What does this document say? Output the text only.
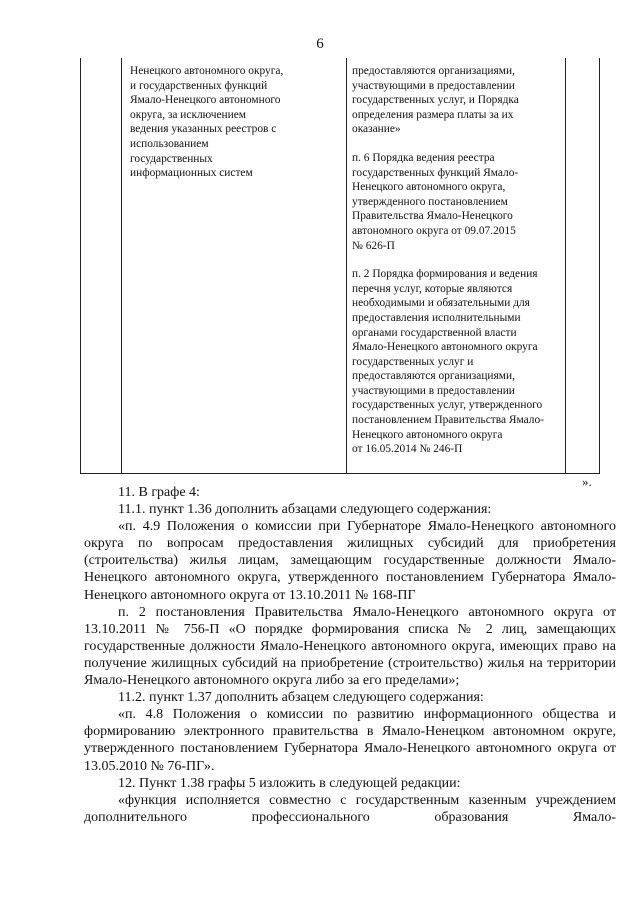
6

Ненецкого автономного округа,

и государственных функций

Ямало-Ненецкого автономного

округа, за исключением

ведения указанных реестров с

использованием

государственных

информационных систем

предоставляются организациями,

участвующими в предоставлении

государственных услуг, и Порядка

определения размера платы за их

оказание»

п. 6 Порядка ведения реестра

государственных функций Ямало-

Ненецкого автономного округа,

утвержденного постановлением

Правительства Ямало-Ненецкого

автономного округа от 09.07.2015

№ 626-П

п. 2 Порядка формирования и ведения

перечня услуг, которые являются

необходимыми и обязательными для

предоставления исполнительными

органами государственной власти

Ямало-Ненецкого автономного округа

государственных услуг и

предоставляются организациями,

участвующими в предоставлении

государственных услуг, утвержденного

постановлением Правительства Ямало-

Ненецкого автономного округа

от 16.05.2014 № 246-П

».

11. В графе 4:

11.1. пункт 1.36 дополнить абзацами следующего содержания:

«п. 4.9 Положения о комиссии при Губернаторе Ямало-Ненецкого автономного округа по вопросам предоставления жилищных субсидий для приобретения (строительства) жилья лицам, замещающим государственные должности Ямало-Ненецкого автономного округа, утвержденного постановлением Губернатора Ямало-Ненецкого автономного округа от 13.10.2011 № 168-ПГ

п. 2 постановления Правительства Ямало-Ненецкого автономного округа от 13.10.2011 № 756-П «О порядке формирования списка № 2 лиц, замещающих государственные должности Ямало-Ненецкого автономного округа, имеющих право на получение жилищных субсидий на приобретение (строительство) жилья на территории Ямало-Ненецкого автономного округа либо за его пределами»;

11.2. пункт 1.37 дополнить абзацем следующего содержания:

«п. 4.8 Положения о комиссии по развитию информационного общества и формированию электронного правительства в Ямало-Ненецком автономном округе, утвержденного постановлением Губернатора Ямало-Ненецкого автономного округа от 13.05.2010 № 76-ПГ».

12. Пункт 1.38 графы 5 изложить в следующей редакции:

«функция исполняется совместно с государственным казенным учреждением дополнительного профессионального образования Ямало-
